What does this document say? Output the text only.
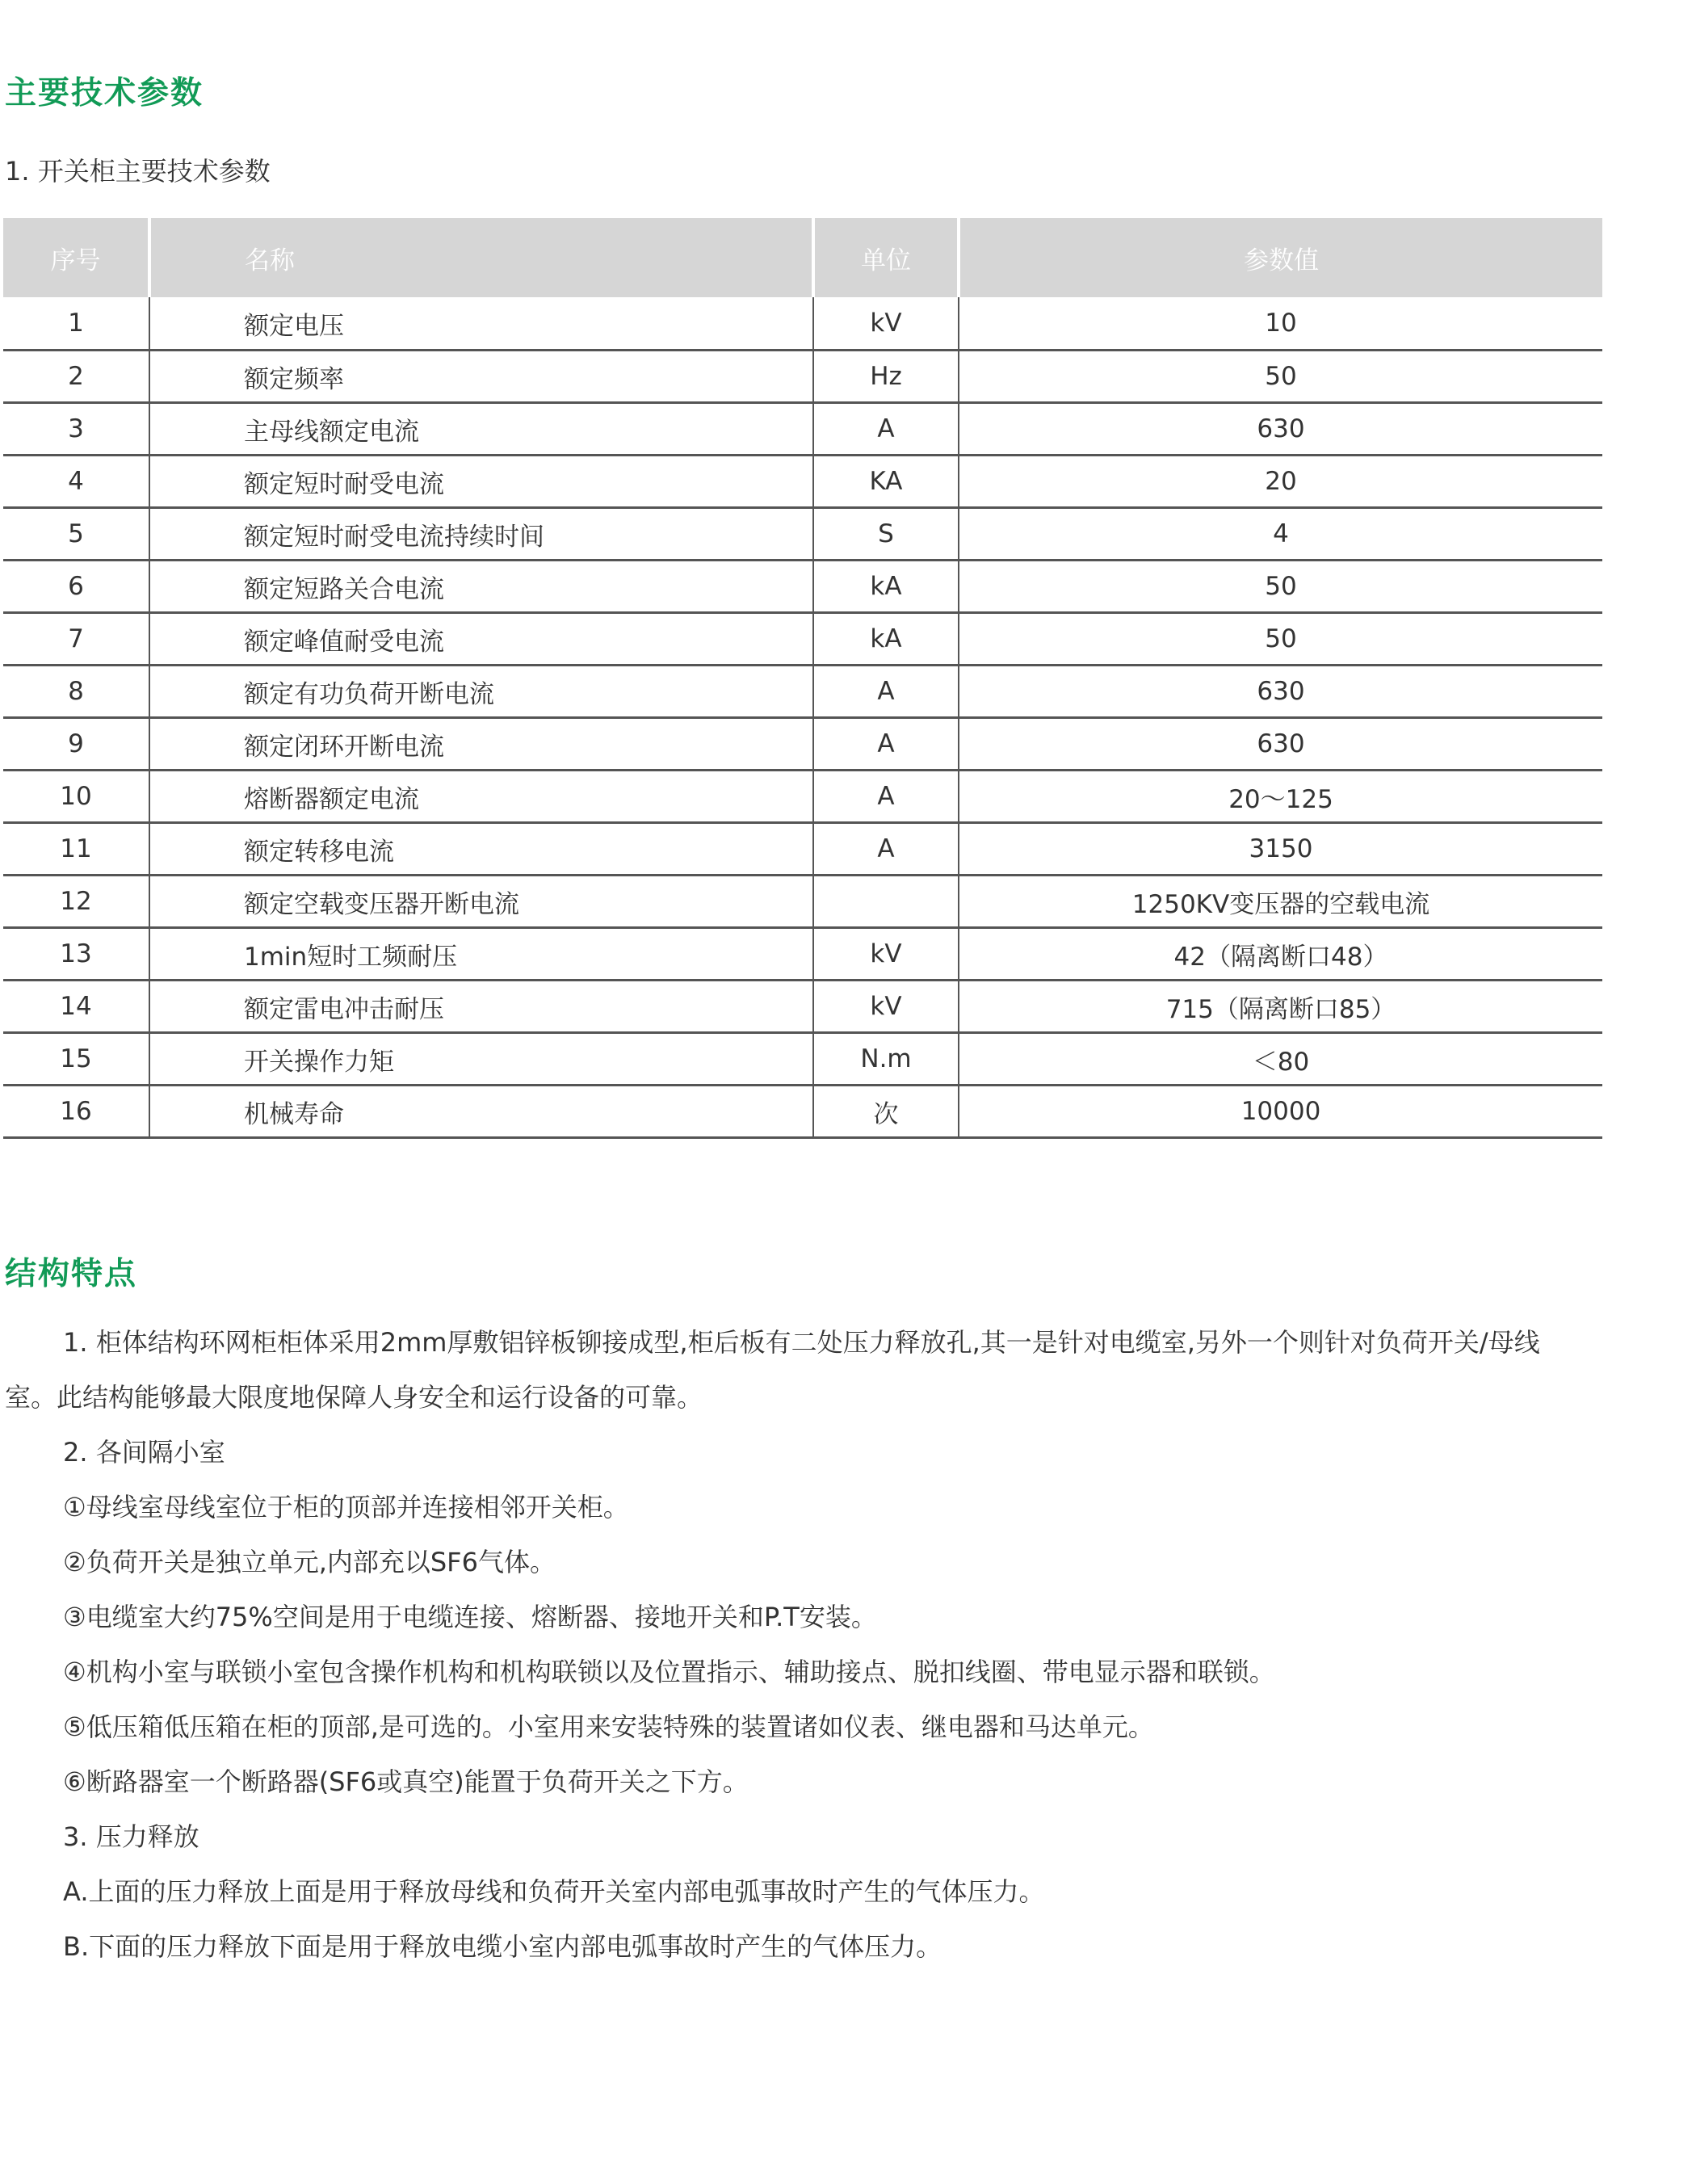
主要技术参数

1. 开关柜主要技术参数

序号	名称	单位	参数值
1	额定电压	kV	10
2	额定频率	Hz	50
3	主母线额定电流	A	630
4	额定短时耐受电流	KA	20
5	额定短时耐受电流持续时间	S	4
6	额定短路关合电流	kA	50
7	额定峰值耐受电流	kA	50
8	额定有功负荷开断电流	A	630
9	额定闭环开断电流	A	630
10	熔断器额定电流	A	20～125
11	额定转移电流	A	3150
12	额定空载变压器开断电流		1250KV变压器的空载电流
13	1min短时工频耐压	kV	42（隔离断口48）
14	额定雷电冲击耐压	kV	715（隔离断口85）
15	开关操作力矩	N.m	＜80
16	机械寿命	次	10000
结构特点

1. 柜体结构环网柜柜体采用2mm厚敷铝锌板铆接成型,柜后板有二处压力释放孔,其一是针对电缆室,另外一个则针对负荷开关/母线室。此结构能够最大限度地保障人身安全和运行设备的可靠。

2. 各间隔小室

①母线室母线室位于柜的顶部并连接相邻开关柜。

②负荷开关是独立单元,内部充以SF6气体。

③电缆室大约75%空间是用于电缆连接、熔断器、接地开关和P.T安装。

④机构小室与联锁小室包含操作机构和机构联锁以及位置指示、辅助接点、脱扣线圈、带电显示器和联锁。

⑤低压箱低压箱在柜的顶部,是可选的。小室用来安装特殊的装置诸如仪表、继电器和马达单元。

⑥断路器室一个断路器(SF6或真空)能置于负荷开关之下方。

3. 压力释放

A.上面的压力释放上面是用于释放母线和负荷开关室内部电弧事故时产生的气体压力。

B.下面的压力释放下面是用于释放电缆小室内部电弧事故时产生的气体压力。
